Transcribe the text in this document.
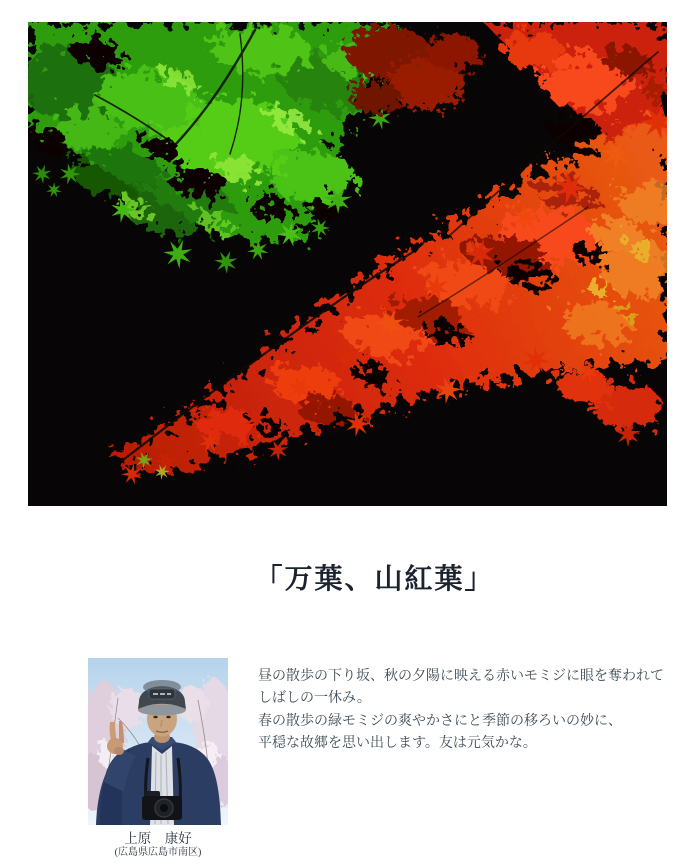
「万葉、山紅葉」
上原　康好
(広島県広島市南区)

昼の散歩の下り坂、秋の夕陽に映える赤いモミジに眼を奪われて

しばしの一休み。

春の散歩の緑モミジの爽やかさにと季節の移ろいの妙に、

平穏な故郷を思い出します。友は元気かな。
